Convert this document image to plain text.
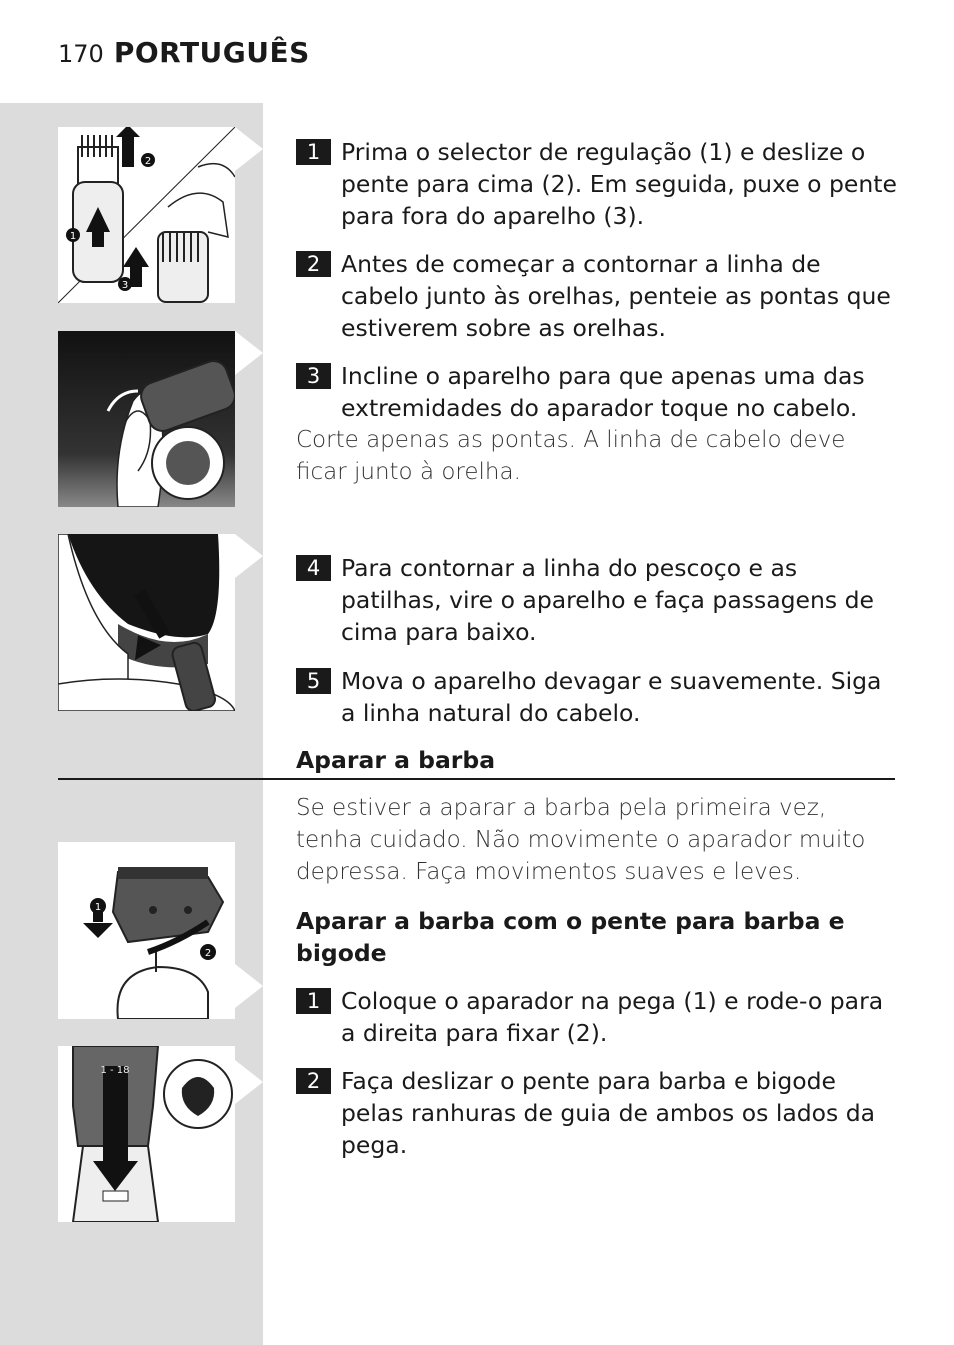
170 PORTUGUÊS
1
2
3
1
2
1 - 18
1 Prima o selector de regulação (1) e deslize o pente para cima (2). Em seguida, puxe o pente para fora do aparelho (3).
2 Antes de começar a contornar a linha de cabelo junto às orelhas, penteie as pontas que estiverem sobre as orelhas.
3 Incline o aparelho para que apenas uma das extremidades do aparador toque no cabelo.
Corte apenas as pontas. A linha de cabelo deve ficar junto à orelha.
4 Para contornar a linha do pescoço e as patilhas, vire o aparelho e faça passagens de cima para baixo.
5 Mova o aparelho devagar e suavemente. Siga a linha natural do cabelo.
Aparar a barba
Se estiver a aparar a barba pela primeira vez, tenha cuidado. Não movimente o aparador muito depressa. Faça movimentos suaves e leves.
Aparar a barba com o pente para barba e bigode
1 Coloque o aparador na pega (1) e rode-o para a direita para fixar (2).
2 Faça deslizar o pente para barba e bigode pelas ranhuras de guia de ambos os lados da pega.
